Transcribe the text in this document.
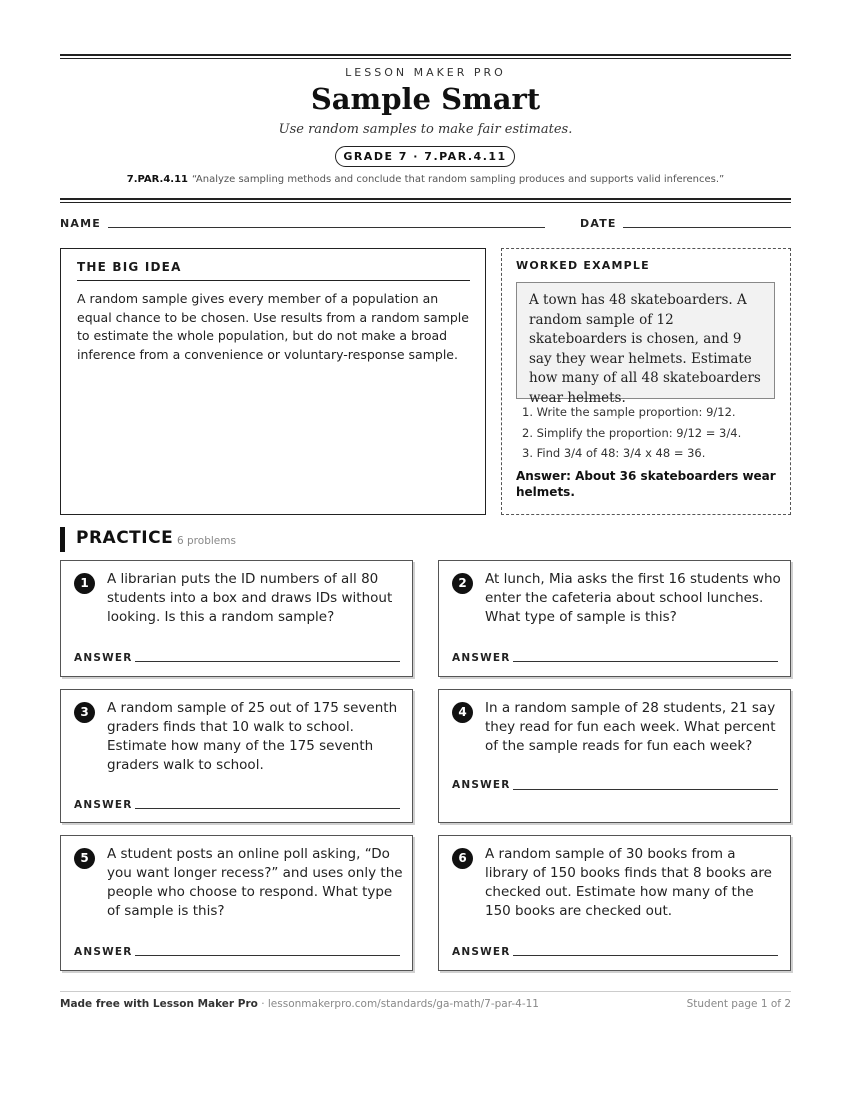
LESSON MAKER PRO
Sample Smart
Use random samples to make fair estimates.
GRADE 7 · 7.PAR.4.11
7.PAR.4.11 “Analyze sampling methods and conclude that random sampling produces and supports valid inferences.”
NAME	DATE
THE BIG IDEA
A random sample gives every member of a population an equal chance to be chosen. Use results from a random sample to estimate the whole population, but do not make a broad inference from a convenience or voluntary-response sample.
WORKED EXAMPLE
A town has 48 skateboarders. A random sample of 12 skateboarders is chosen, and 9 say they wear helmets. Estimate how many of all 48 skateboarders wear helmets.
1. Write the sample proportion: 9/12.
2. Simplify the proportion: 9/12 = 3/4.
3. Find 3/4 of 48: 3/4 x 48 = 36.
Answer: About 36 skateboarders wear helmets.
PRACTICE 6 problems
1	A librarian puts the ID numbers of all 80 students into a box and draws IDs without looking. Is this a random sample?
ANSWER
2	At lunch, Mia asks the first 16 students who enter the cafeteria about school lunches. What type of sample is this?
ANSWER
3	A random sample of 25 out of 175 seventh graders finds that 10 walk to school. Estimate how many of the 175 seventh graders walk to school.
ANSWER
4	In a random sample of 28 students, 21 say they read for fun each week. What percent of the sample reads for fun each week?
ANSWER
5	A student posts an online poll asking, “Do you want longer recess?” and uses only the people who choose to respond. What type of sample is this?
ANSWER
6	A random sample of 30 books from a library of 150 books finds that 8 books are checked out. Estimate how many of the 150 books are checked out.
ANSWER
Made free with Lesson Maker Pro · lessonmakerpro.com/standards/ga-math/7-par-4-11	Student page 1 of 2
